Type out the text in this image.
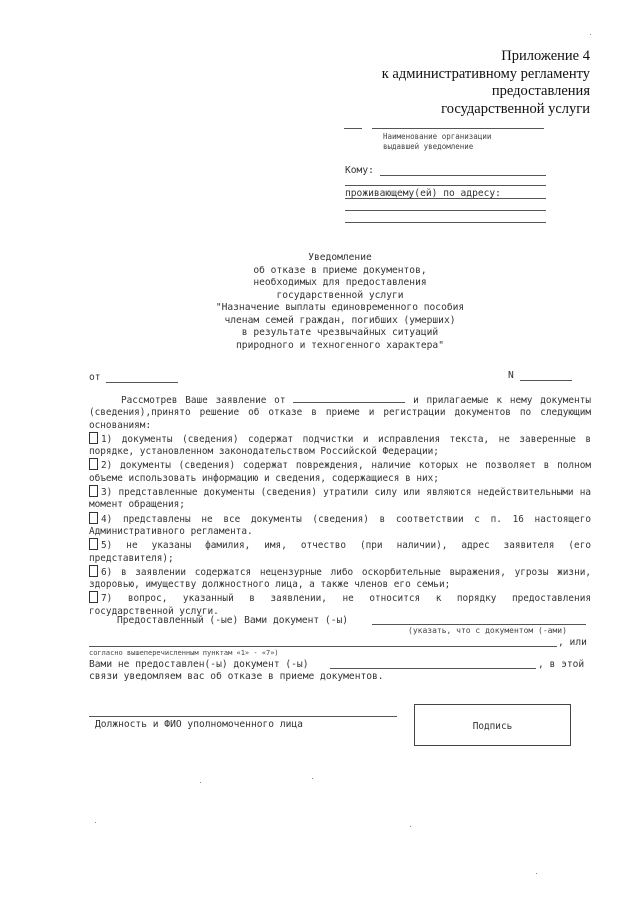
Приложение 4
к административному регламенту
предоставления
государственной услуги
Наименование организации
выдавшей уведомление
Кому:
проживающему(ей) по адресу:
Уведомление
об отказе в приеме документов,
необходимых для предоставления
государственной услуги
"Назначение выплаты единовременного пособия
членам семей граждан, погибших (умерших)
в результате чрезвычайных ситуаций
природного и техногенного характера"
от	N

Рассмотрев Ваше заявление от	и прилагаемые к нему документы (сведения),принято решение об отказе в приеме и регистрации документов по следующим основаниям:

1) документы (сведения) содержат подчистки и исправления текста, не заверенные в порядке, установленном законодательством Российской Федерации;

2) документы (сведения) содержат повреждения, наличие которых не позволяет в полном объеме использовать информацию и сведения, содержащиеся в них;

3) представленные документы (сведения) утратили силу или являются недействительными на момент обращения;

4) представлены не все документы (сведения) в соответствии с п. 16 настоящего Административного регламента.

5) не указаны фамилия, имя, отчество (при наличии), адрес заявителя (его представителя);

6) в заявлении содержатся нецензурные либо оскорбительные выражения, угрозы жизни, здоровью, имуществу должностного лица, а также членов его семьи;

7) вопрос, указанный в заявлении, не относится к порядку предоставления государственной услуги.

Предоставленный (-ые) Вами документ (-ы)
(указать, что с документом (-ами)
, или
согласно вышеперечисленным пунктам «1» - «7»)
Вами не предоставлен(-ы) документ (-ы)	, в этой
связи уведомляем вас об отказе в приеме документов.
Должность и ФИО уполномоченного лица	Подпись
